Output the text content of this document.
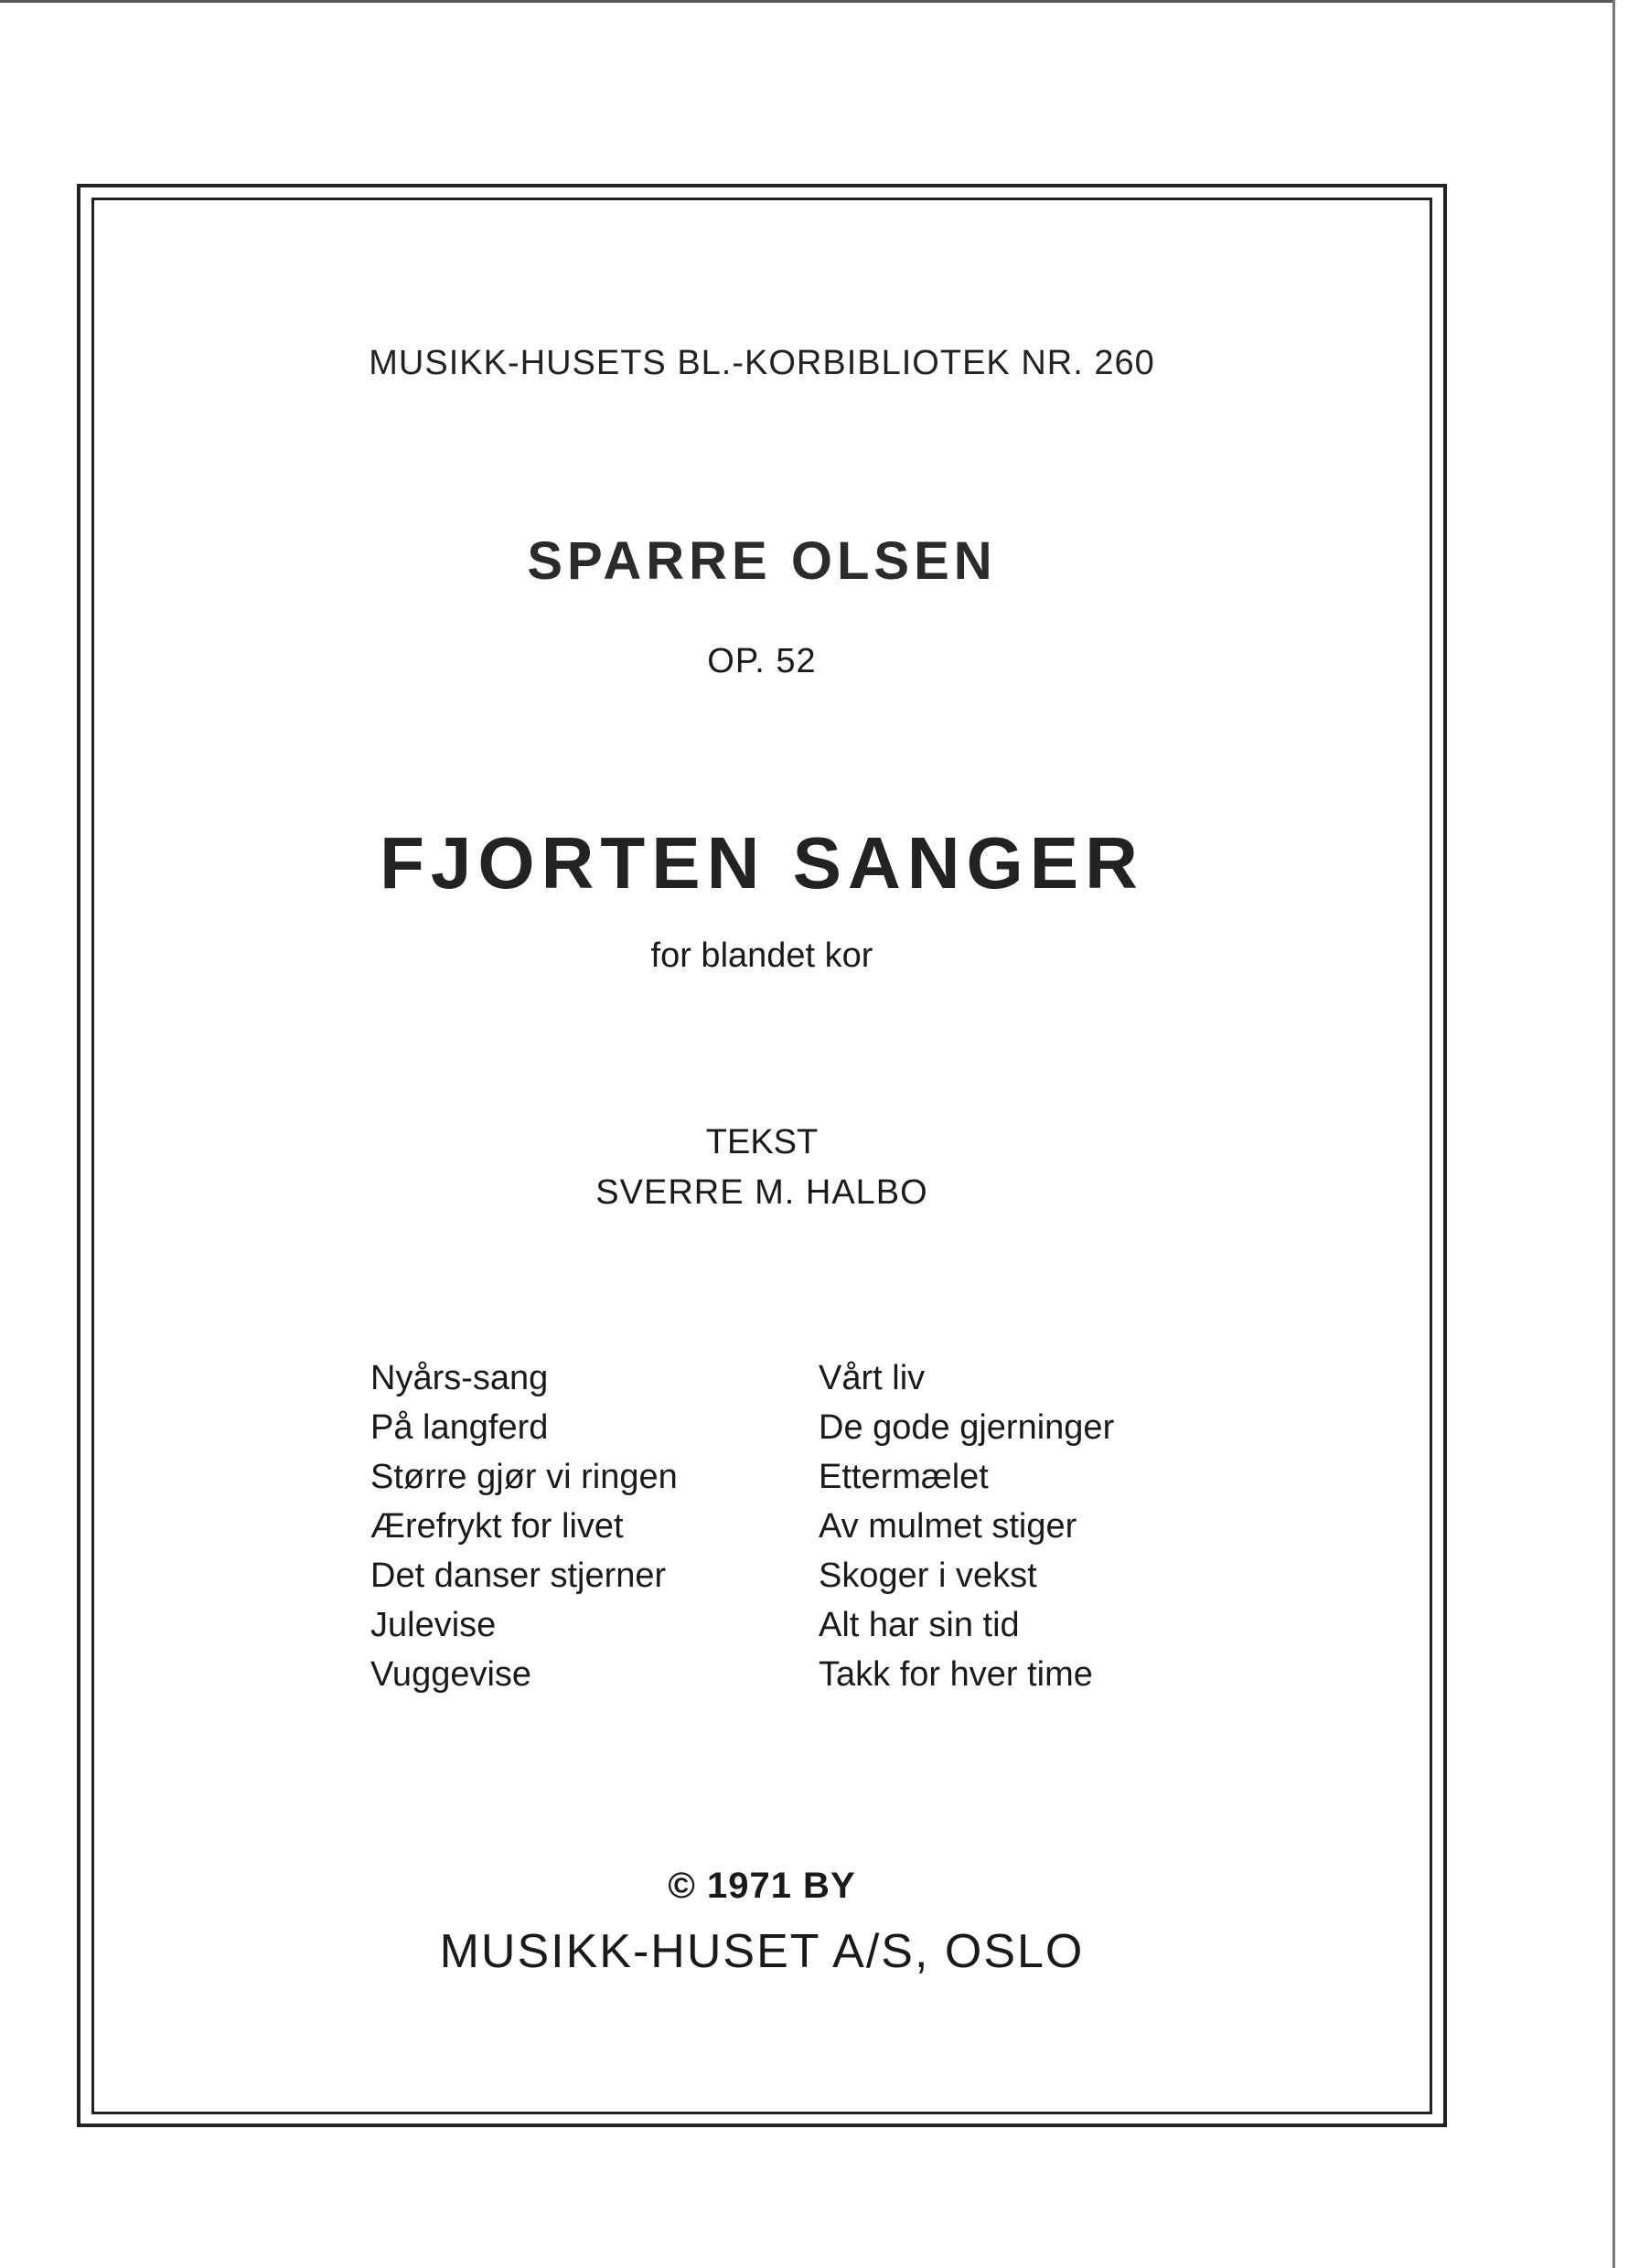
MUSIKK-HUSETS BL.-KORBIBLIOTEK NR. 260
SPARRE OLSEN
OP. 52
FJORTEN SANGER
for blandet kor
TEKST
SVERRE M. HALBO
Nyårs-sang
På langferd
Større gjør vi ringen
Ærefrykt for livet
Det danser stjerner
Julevise
Vuggevise
Vårt liv
De gode gjerninger
Ettermælet
Av mulmet stiger
Skoger i vekst
Alt har sin tid
Takk for hver time
© 1971 BY
MUSIKK-HUSET A/S, OSLO
